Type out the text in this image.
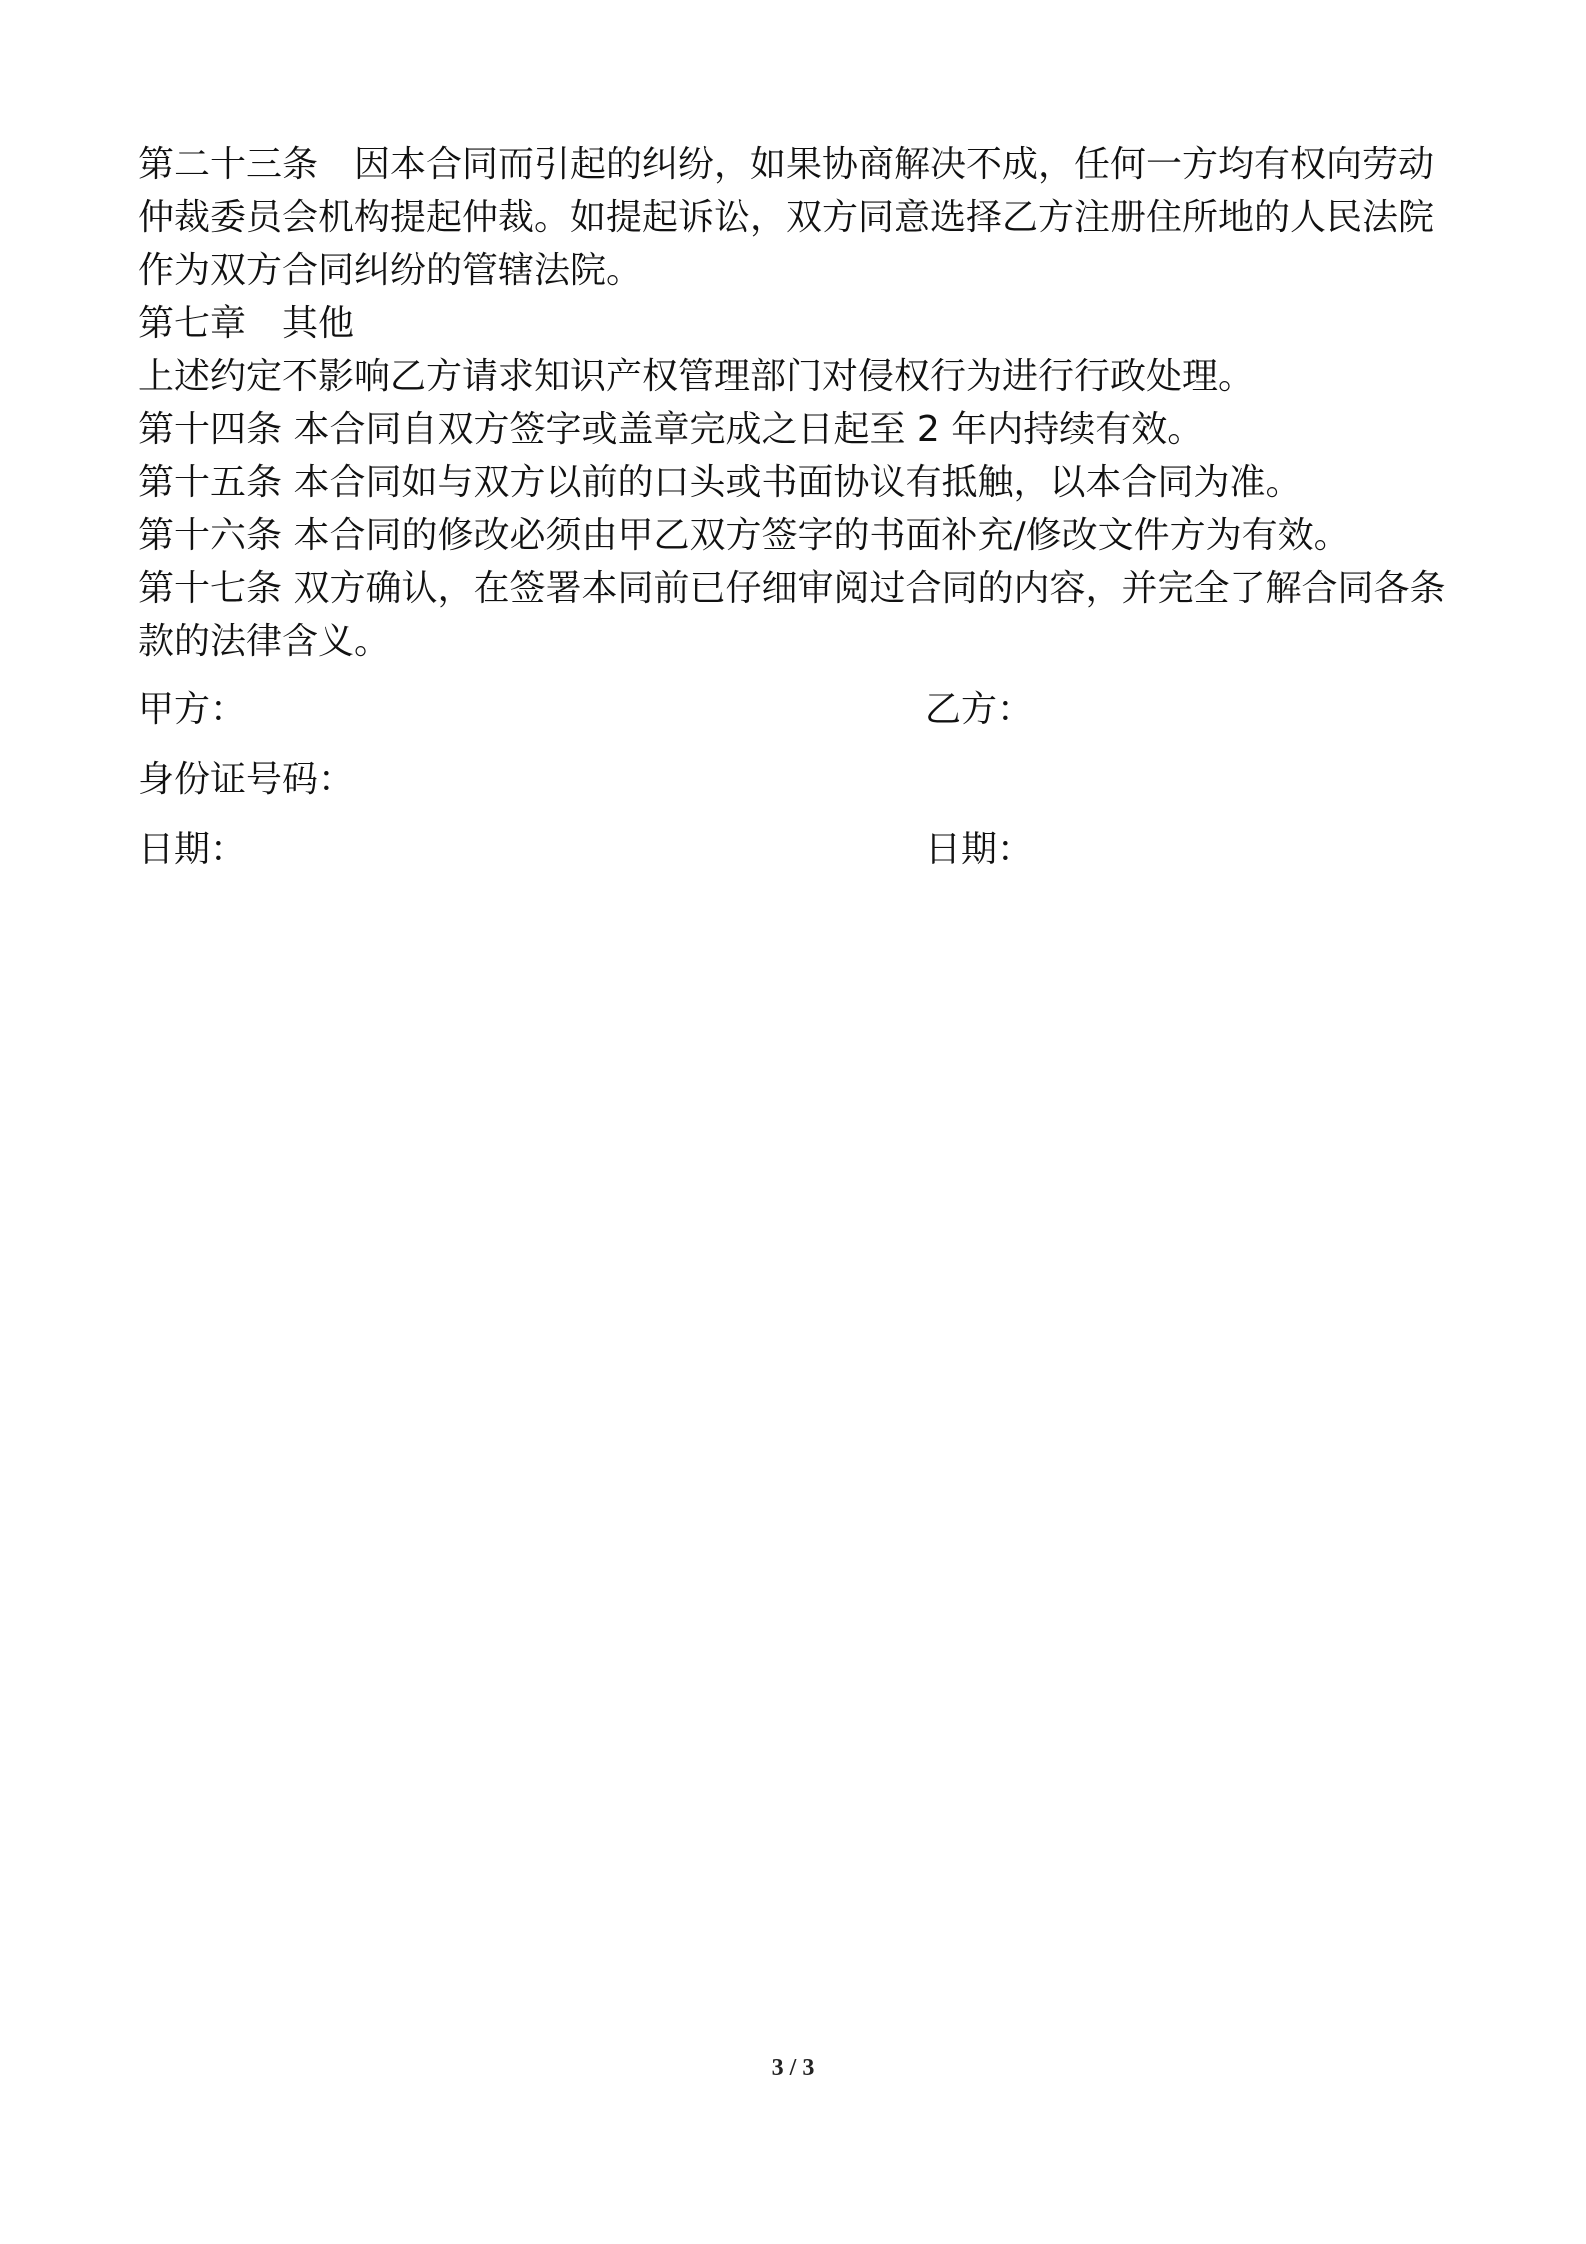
第二十三条　因本合同而引起的纠纷，如果协商解决不成，任何一方均有权向劳动仲裁委员会机构提起仲裁。如提起诉讼，双方同意选择乙方注册住所地的人民法院作为双方合同纠纷的管辖法院。

第七章　其他

上述约定不影响乙方请求知识产权管理部门对侵权行为进行行政处理。

第十四条 本合同自双方签字或盖章完成之日起至 2 年内持续有效。

第十五条 本合同如与双方以前的口头或书面协议有抵触，以本合同为准。

第十六条 本合同的修改必须由甲乙双方签字的书面补充/修改文件方为有效。

第十七条 双方确认，在签署本同前已仔细审阅过合同的内容，并完全了解合同各条款的法律含义。

甲方：	乙方：
身份证号码：
日期：	日期：
3 / 3
